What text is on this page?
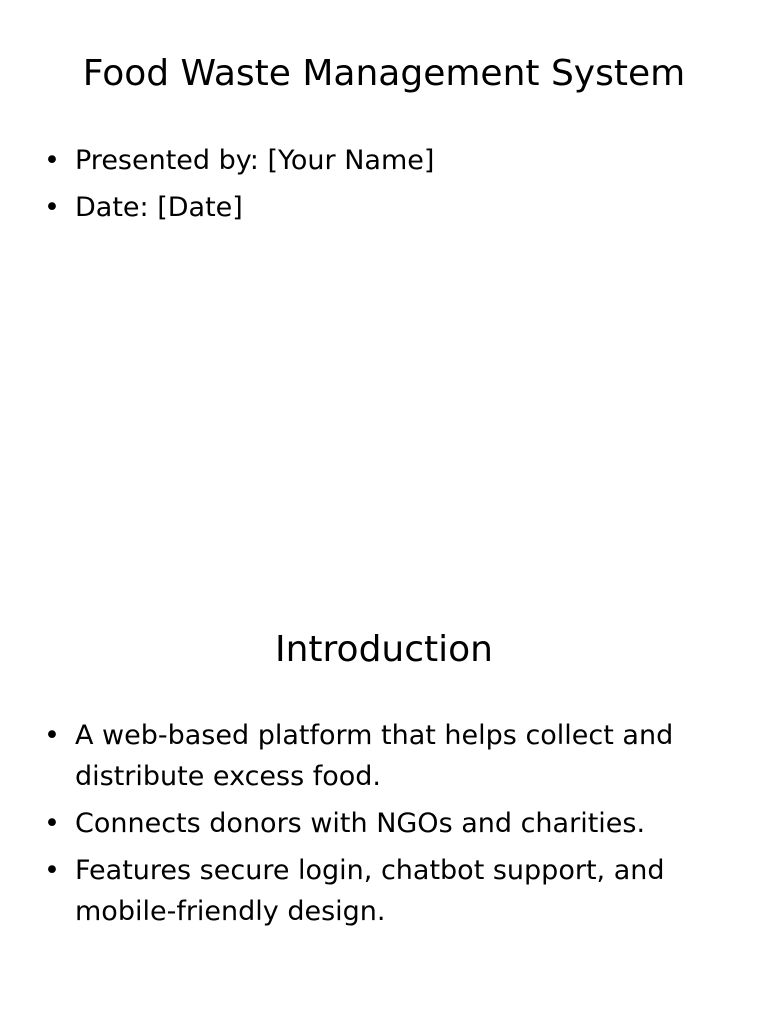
Food Waste Management System
• Presented by: [Your Name]
• Date: [Date]
Introduction
• A web-based platform that helps collect and distribute excess food.
• Connects donors with NGOs and charities.
• Features secure login, chatbot support, and mobile-friendly design.
